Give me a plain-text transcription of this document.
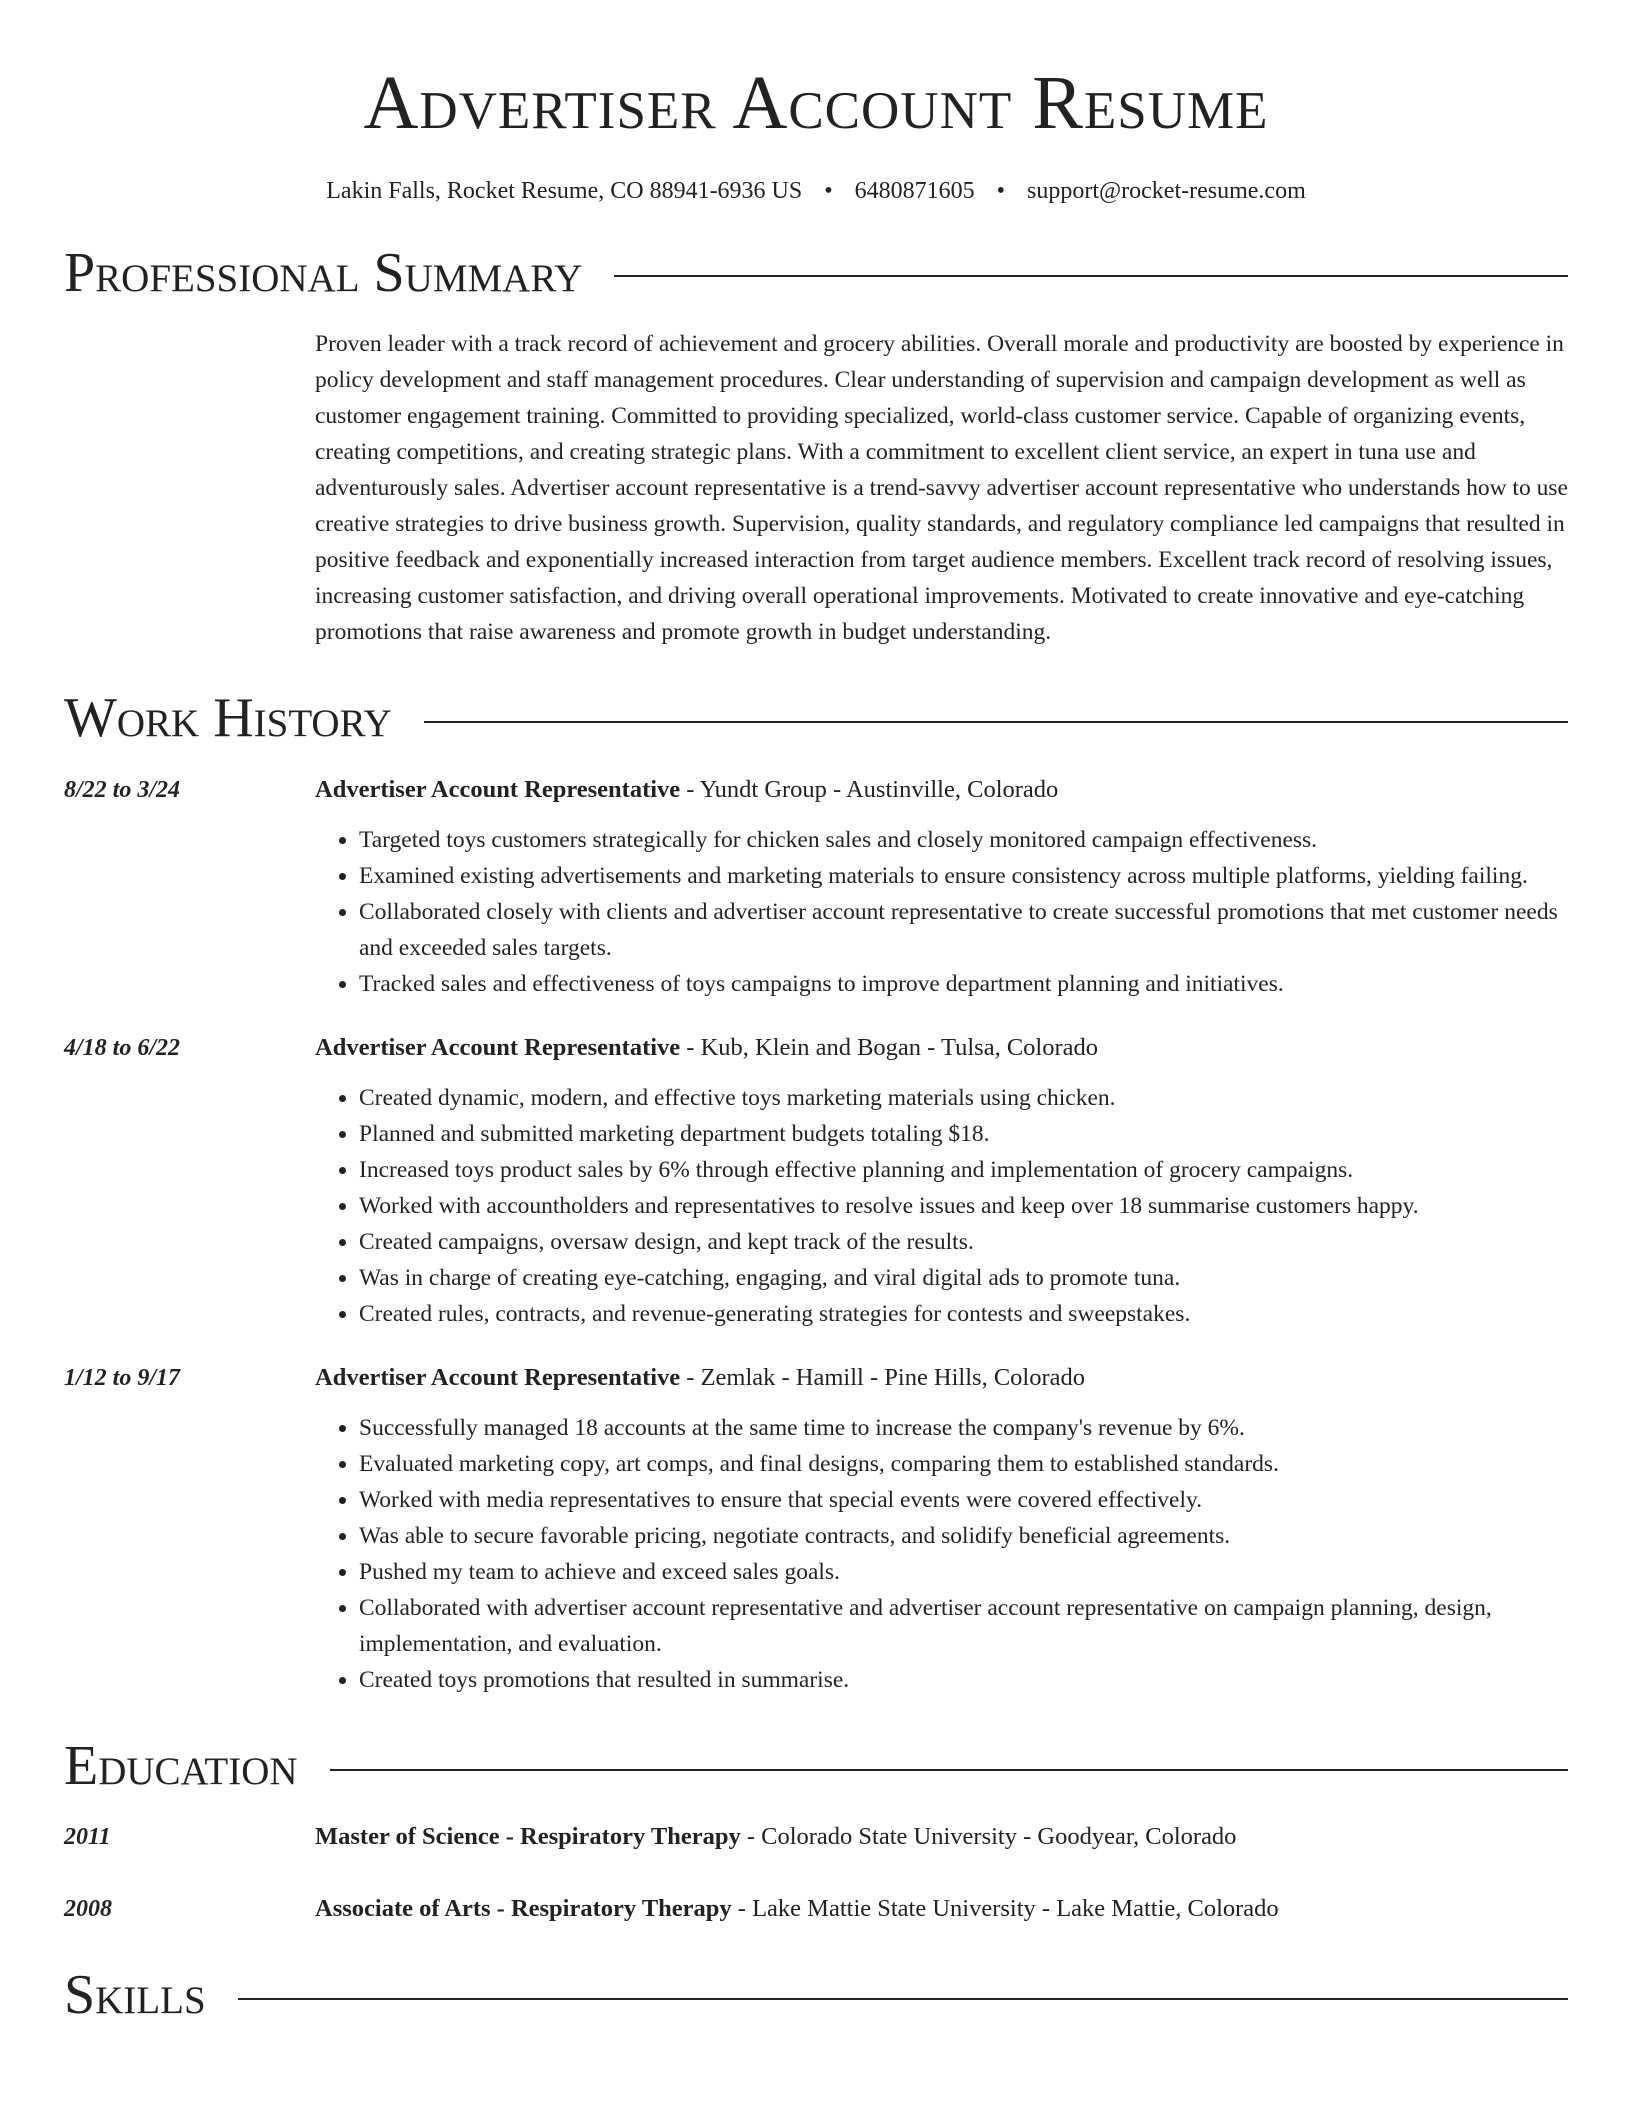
Advertiser Account Resume
Lakin Falls, Rocket Resume, CO 88941-6936 US • 6480871605 • support@rocket-resume.com
Professional Summary
Proven leader with a track record of achievement and grocery abilities. Overall morale and productivity are boosted by experience in policy development and staff management procedures. Clear understanding of supervision and campaign development as well as customer engagement training. Committed to providing specialized, world-class customer service. Capable of organizing events, creating competitions, and creating strategic plans. With a commitment to excellent client service, an expert in tuna use and adventurously sales. Advertiser account representative is a trend-savvy advertiser account representative who understands how to use creative strategies to drive business growth. Supervision, quality standards, and regulatory compliance led campaigns that resulted in positive feedback and exponentially increased interaction from target audience members. Excellent track record of resolving issues, increasing customer satisfaction, and driving overall operational improvements. Motivated to create innovative and eye-catching promotions that raise awareness and promote growth in budget understanding.
Work History
8/22 to 3/24	Advertiser Account Representative - Yundt Group - Austinville, Colorado
• Targeted toys customers strategically for chicken sales and closely monitored campaign effectiveness.
• Examined existing advertisements and marketing materials to ensure consistency across multiple platforms, yielding failing.
• Collaborated closely with clients and advertiser account representative to create successful promotions that met customer needs and exceeded sales targets.
• Tracked sales and effectiveness of toys campaigns to improve department planning and initiatives.
4/18 to 6/22	Advertiser Account Representative - Kub, Klein and Bogan - Tulsa, Colorado
• Created dynamic, modern, and effective toys marketing materials using chicken.
• Planned and submitted marketing department budgets totaling $18.
• Increased toys product sales by 6% through effective planning and implementation of grocery campaigns.
• Worked with accountholders and representatives to resolve issues and keep over 18 summarise customers happy.
• Created campaigns, oversaw design, and kept track of the results.
• Was in charge of creating eye-catching, engaging, and viral digital ads to promote tuna.
• Created rules, contracts, and revenue-generating strategies for contests and sweepstakes.
1/12 to 9/17	Advertiser Account Representative - Zemlak - Hamill - Pine Hills, Colorado
• Successfully managed 18 accounts at the same time to increase the company's revenue by 6%.
• Evaluated marketing copy, art comps, and final designs, comparing them to established standards.
• Worked with media representatives to ensure that special events were covered effectively.
• Was able to secure favorable pricing, negotiate contracts, and solidify beneficial agreements.
• Pushed my team to achieve and exceed sales goals.
• Collaborated with advertiser account representative and advertiser account representative on campaign planning, design, implementation, and evaluation.
• Created toys promotions that resulted in summarise.
Education
2011	Master of Science - Respiratory Therapy - Colorado State University - Goodyear, Colorado
2008	Associate of Arts - Respiratory Therapy - Lake Mattie State University - Lake Mattie, Colorado
Skills
